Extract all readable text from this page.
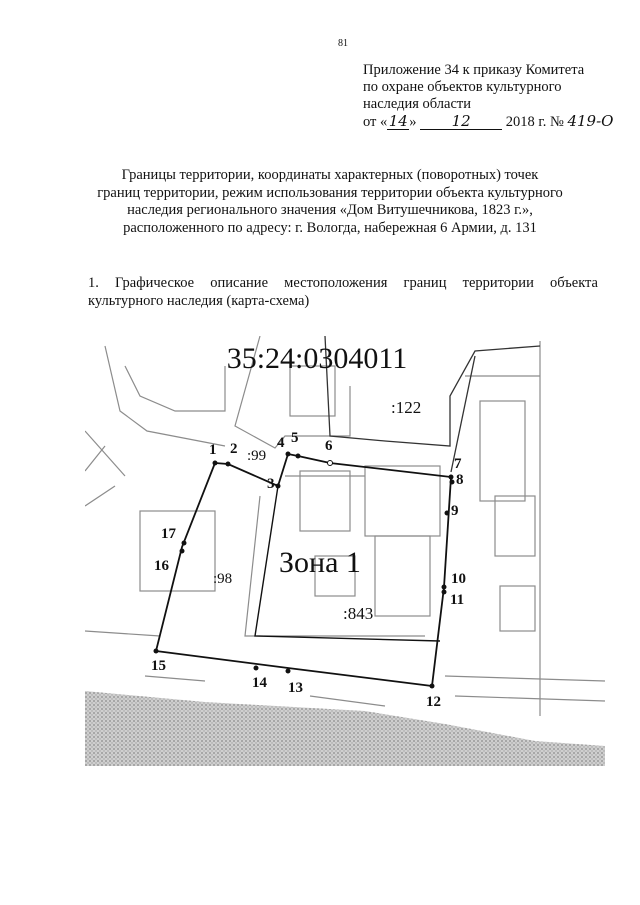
81
Приложение 34 к приказу Комитета
по охране объектов культурного
наследия области
от «14» 12 2018 г. № 419-О
Границы территории, координаты характерных (поворотных) точек
границ территории, режим использования территории объекта культурного
наследия регионального значения «Дом Витушечникова, 1823 г.»,
расположенного по адресу: г. Вологда, набережная 6 Армии, д. 131
1. Графическое описание местоположения границ территории объекта культурного наследия (карта-схема)
35:24:0304011
:122
:99
:98
:843
Зона 1
1 2
3
4 5 6
7
8
9
10
11
12
13
14
15
16
17
